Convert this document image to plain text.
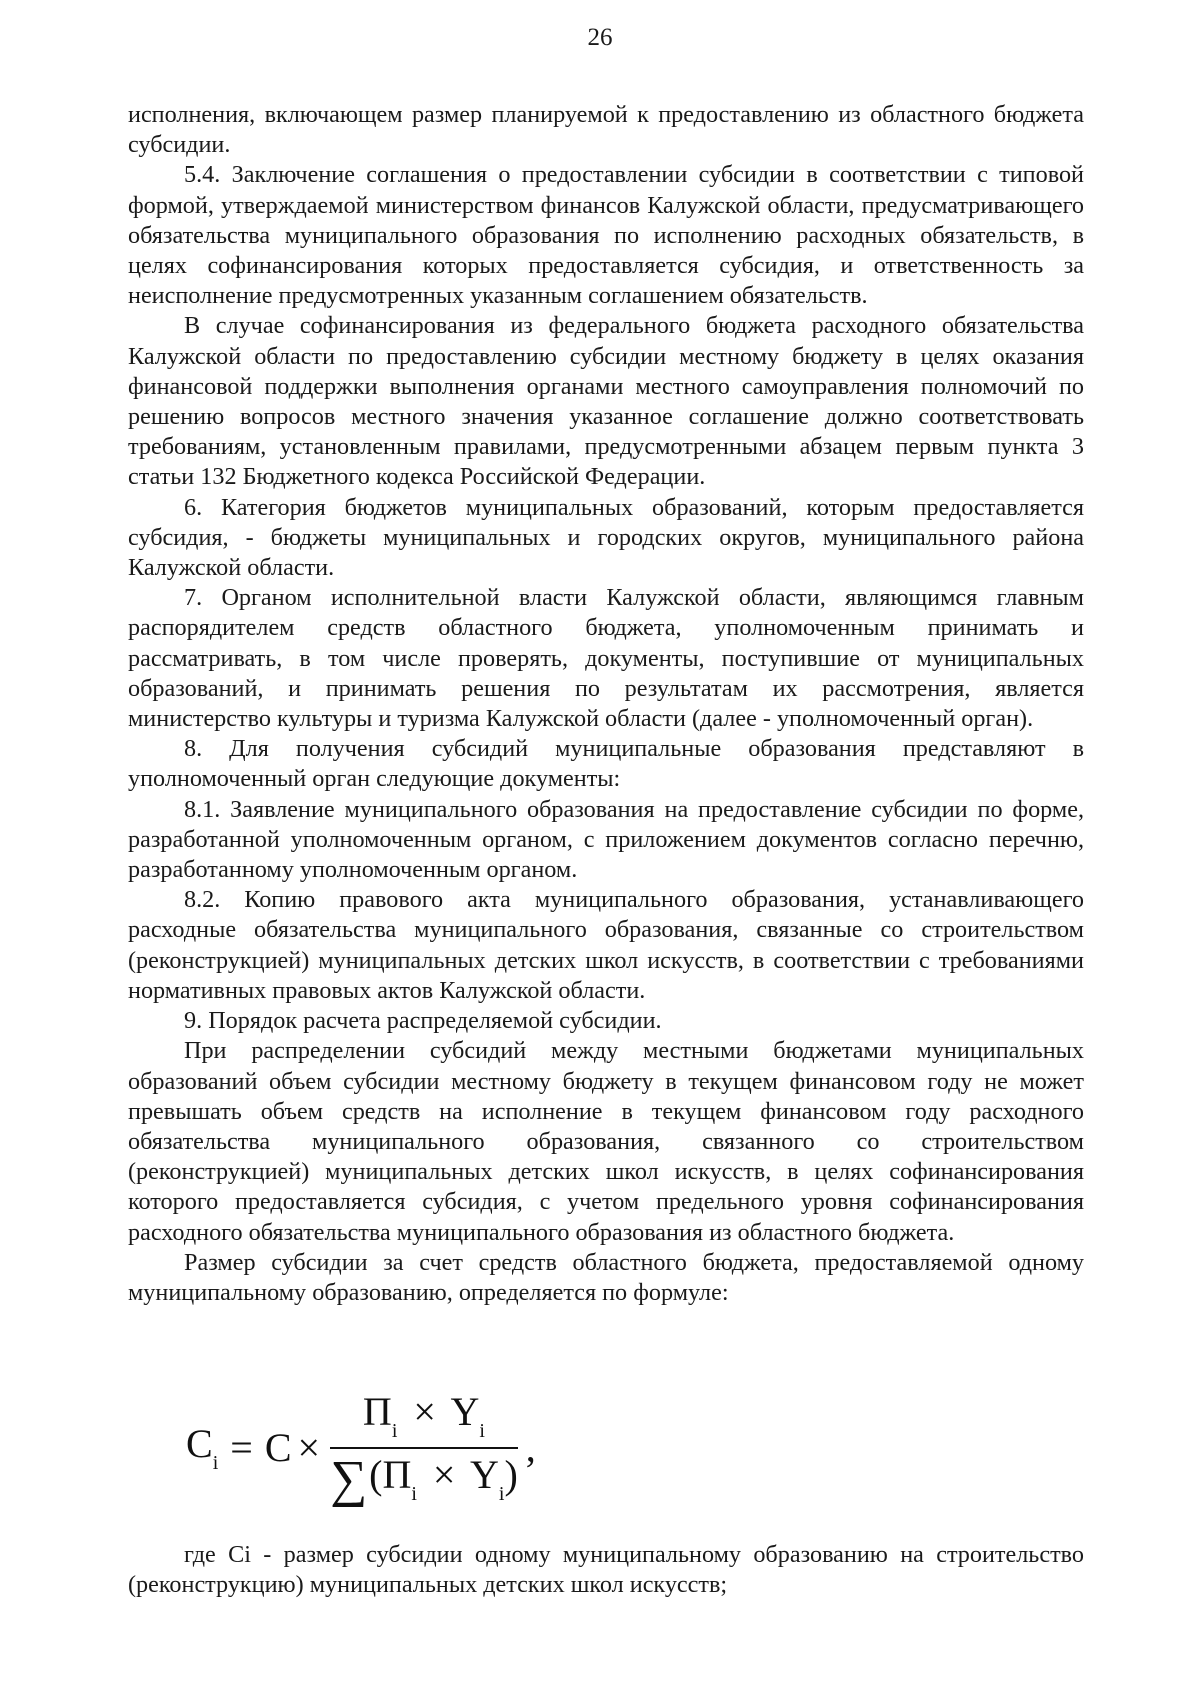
26

исполнения, включающем размер планируемой к предоставлению из областного бюджета субсидии.

5.4. Заключение соглашения о предоставлении субсидии в соответствии с типовой формой, утверждаемой министерством финансов Калужской области, предусматривающего обязательства муниципального образования по исполнению расходных обязательств, в целях софинансирования которых предоставляется субсидия, и ответственность за неисполнение предусмотренных указанным соглашением обязательств.

В случае софинансирования из федерального бюджета расходного обязательства Калужской области по предоставлению субсидии местному бюджету в целях оказания финансовой поддержки выполнения органами местного самоуправления полномочий по решению вопросов местного значения указанное соглашение должно соответствовать требованиям, установленным правилами, предусмотренными абзацем первым пункта 3 статьи 132 Бюджетного кодекса Российской Федерации.

6. Категория бюджетов муниципальных образований, которым предоставляется субсидия, - бюджеты муниципальных и городских округов, муниципального района Калужской области.

7. Органом исполнительной власти Калужской области, являющимся главным распорядителем средств областного бюджета, уполномоченным принимать и рассматривать, в том числе проверять, документы, поступившие от муниципальных образований, и принимать решения по результатам их рассмотрения, является министерство культуры и туризма Калужской области (далее - уполномоченный орган).

8. Для получения субсидий муниципальные образования представляют в уполномоченный орган следующие документы:

8.1. Заявление муниципального образования на предоставление субсидии по форме, разработанной уполномоченным органом, с приложением документов согласно перечню, разработанному уполномоченным органом.

8.2. Копию правового акта муниципального образования, устанавливающего расходные обязательства муниципального образования, связанные со строительством (реконструкцией) муниципальных детских школ искусств, в соответствии с требованиями нормативных правовых актов Калужской области.

9. Порядок расчета распределяемой субсидии.

При распределении субсидий между местными бюджетами муниципальных образований объем субсидии местному бюджету в текущем финансовом году не может превышать объем средств на исполнение в текущем финансовом году расходного обязательства муниципального образования, связанного со строительством (реконструкцией) муниципальных детских школ искусств, в целях софинансирования которого предоставляется субсидия, с учетом предельного уровня софинансирования расходного обязательства муниципального образования из областного бюджета.

Размер субсидии за счет средств областного бюджета, предоставляемой одному муниципальному образованию, определяется по формуле:

$C_i = C \times \frac{П_i \times Y_i}{\sum(П_i \times Y_i)}$ ,

где Ci - размер субсидии одному муниципальному образованию на строительство (реконструкцию) муниципальных детских школ искусств;
